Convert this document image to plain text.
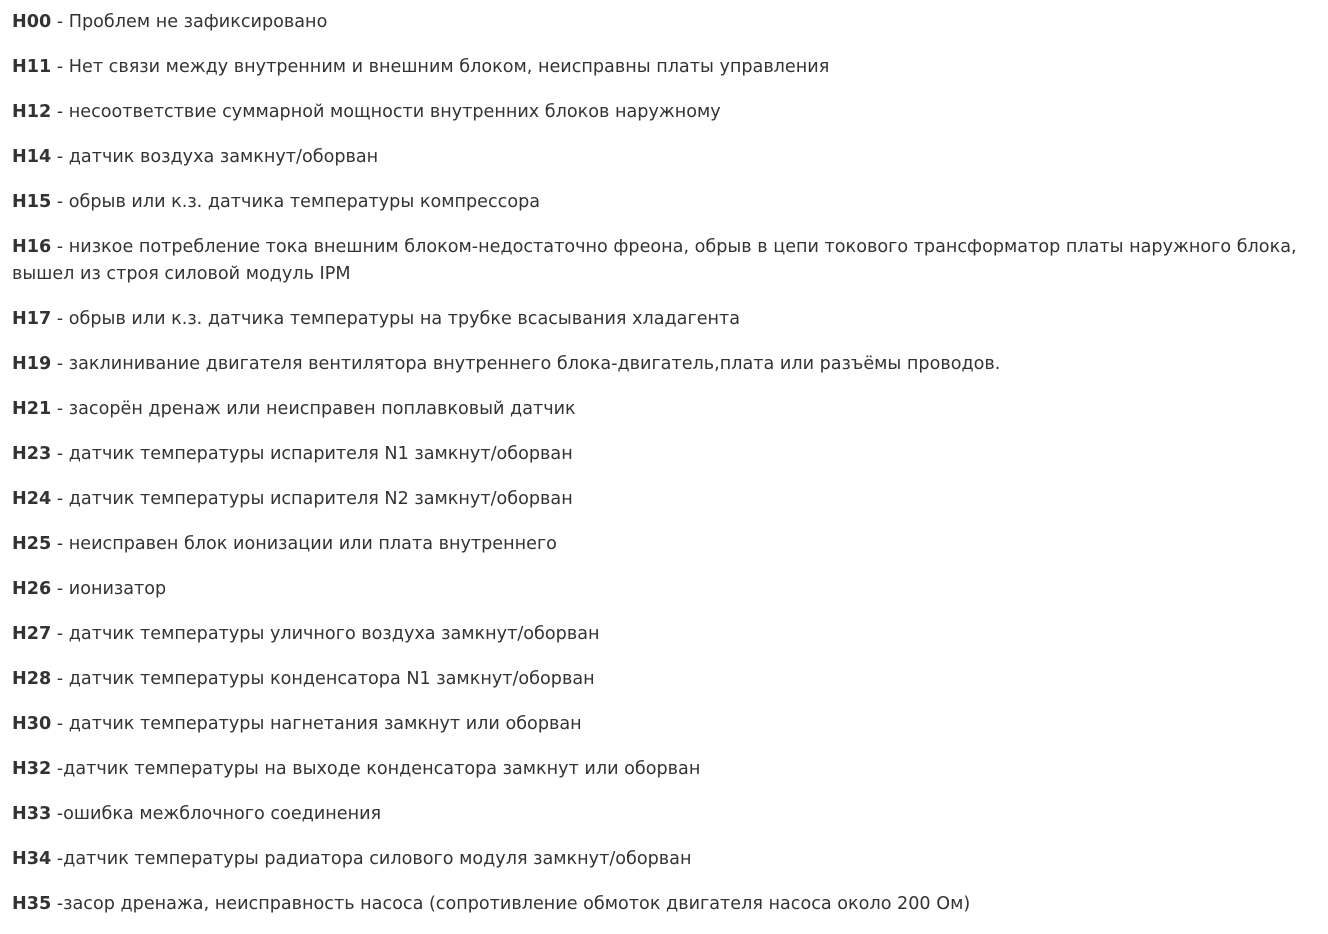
H00 - Проблем не зафиксировано
H11 - Нет связи между внутренним и внешним блоком, неисправны платы управления
H12 - несоответствие суммарной мощности внутренних блоков наружному
H14 - датчик воздуха замкнут/оборван
H15 - обрыв или к.з. датчика температуры компрессора
H16 - низкое потребление тока внешним блоком-недостаточно фреона, обрыв в цепи токового трансформатор платы наружного блока, вышел из строя силовой модуль IPM
H17 - обрыв или к.з. датчика температуры на трубке всасывания хладагента
H19 - заклинивание двигателя вентилятора внутреннего блока-двигатель,плата или разъёмы проводов.
H21 - засорён дренаж или неисправен поплавковый датчик
H23 - датчик температуры испарителя N1 замкнут/оборван
H24 - датчик температуры испарителя N2 замкнут/оборван
H25 - неисправен блок ионизации или плата внутреннего
H26 - ионизатор
H27 - датчик температуры уличного воздуха замкнут/оборван
H28 - датчик температуры конденсатора N1 замкнут/оборван
H30 - датчик температуры нагнетания замкнут или оборван
H32 -датчик температуры на выходе конденсатора замкнут или оборван
H33 -ошибка межблочного соединения
H34 -датчик температуры радиатора силового модуля замкнут/оборван
H35 -засор дренажа, неисправность насоса (сопротивление обмоток двигателя насоса около 200 Ом)
